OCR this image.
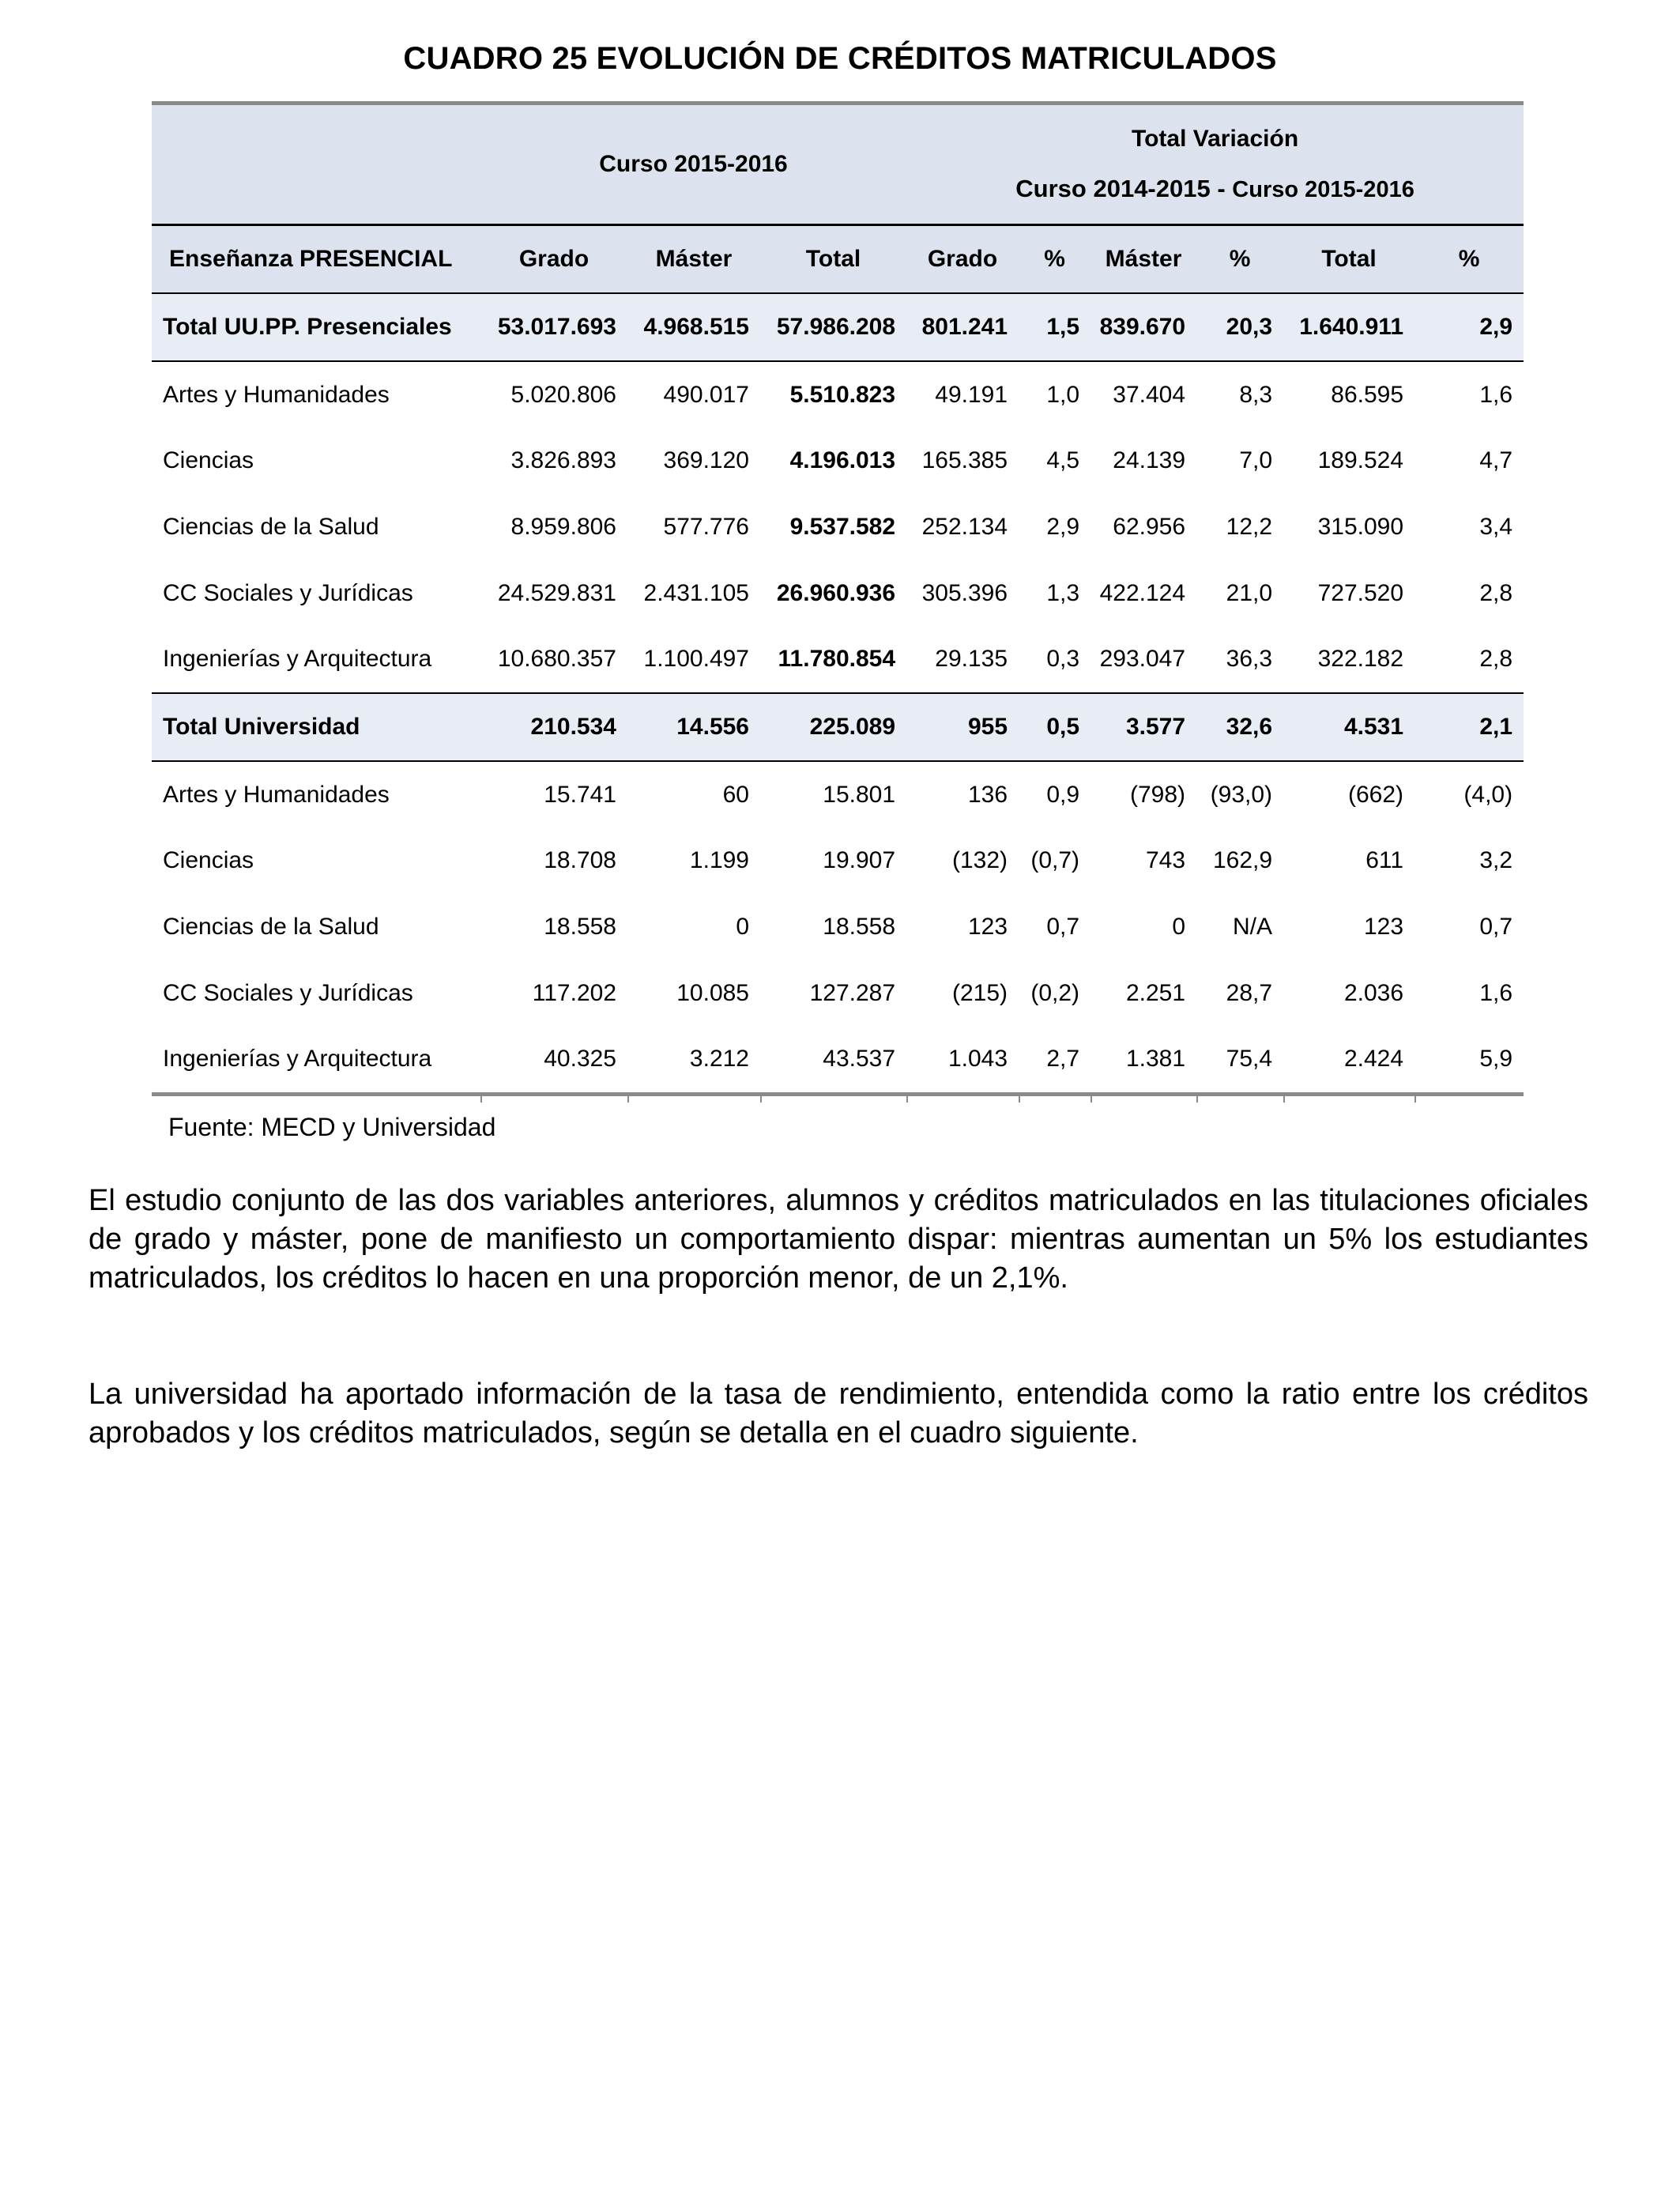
CUADRO 25 EVOLUCIÓN DE CRÉDITOS MATRICULADOS
	Curso 2015-2016			Total Variación
Curso 2014-2015 - Curso 2015-2016					

Enseñanza PRESENCIAL	Grado	Máster	Total	Grado	%	Máster	%	Total	%
Total UU.PP. Presenciales	53.017.693	4.968.515	57.986.208	801.241	1,5	839.670	20,3	1.640.911	2,9
Artes y Humanidades	5.020.806	490.017	5.510.823	49.191	1,0	37.404	8,3	86.595	1,6
Ciencias	3.826.893	369.120	4.196.013	165.385	4,5	24.139	7,0	189.524	4,7
Ciencias de la Salud	8.959.806	577.776	9.537.582	252.134	2,9	62.956	12,2	315.090	3,4
CC Sociales y Jurídicas	24.529.831	2.431.105	26.960.936	305.396	1,3	422.124	21,0	727.520	2,8
Ingenierías y Arquitectura	10.680.357	1.100.497	11.780.854	29.135	0,3	293.047	36,3	322.182	2,8
Total Universidad	210.534	14.556	225.089	955	0,5	3.577	32,6	4.531	2,1
Artes y Humanidades	15.741	60	15.801	136	0,9	(798)	(93,0)	(662)	(4,0)
Ciencias	18.708	1.199	19.907	(132)	(0,7)	743	162,9	611	3,2
Ciencias de la Salud	18.558	0	18.558	123	0,7	0	N/A	123	0,7
CC Sociales y Jurídicas	117.202	10.085	127.287	(215)	(0,2)	2.251	28,7	2.036	1,6
Ingenierías y Arquitectura	40.325	3.212	43.537	1.043	2,7	1.381	75,4	2.424	5,9
Fuente: MECD y Universidad
El estudio conjunto de las dos variables anteriores, alumnos y créditos matriculados en las titulaciones oficiales de grado y máster, pone de manifiesto un comportamiento dispar: mientras aumentan un 5% los estudiantes matriculados, los créditos lo hacen en una proporción menor, de un 2,1%.
La universidad ha aportado información de la tasa de rendimiento, entendida como la ratio entre los créditos aprobados y los créditos matriculados, según se detalla en el cuadro siguiente.
